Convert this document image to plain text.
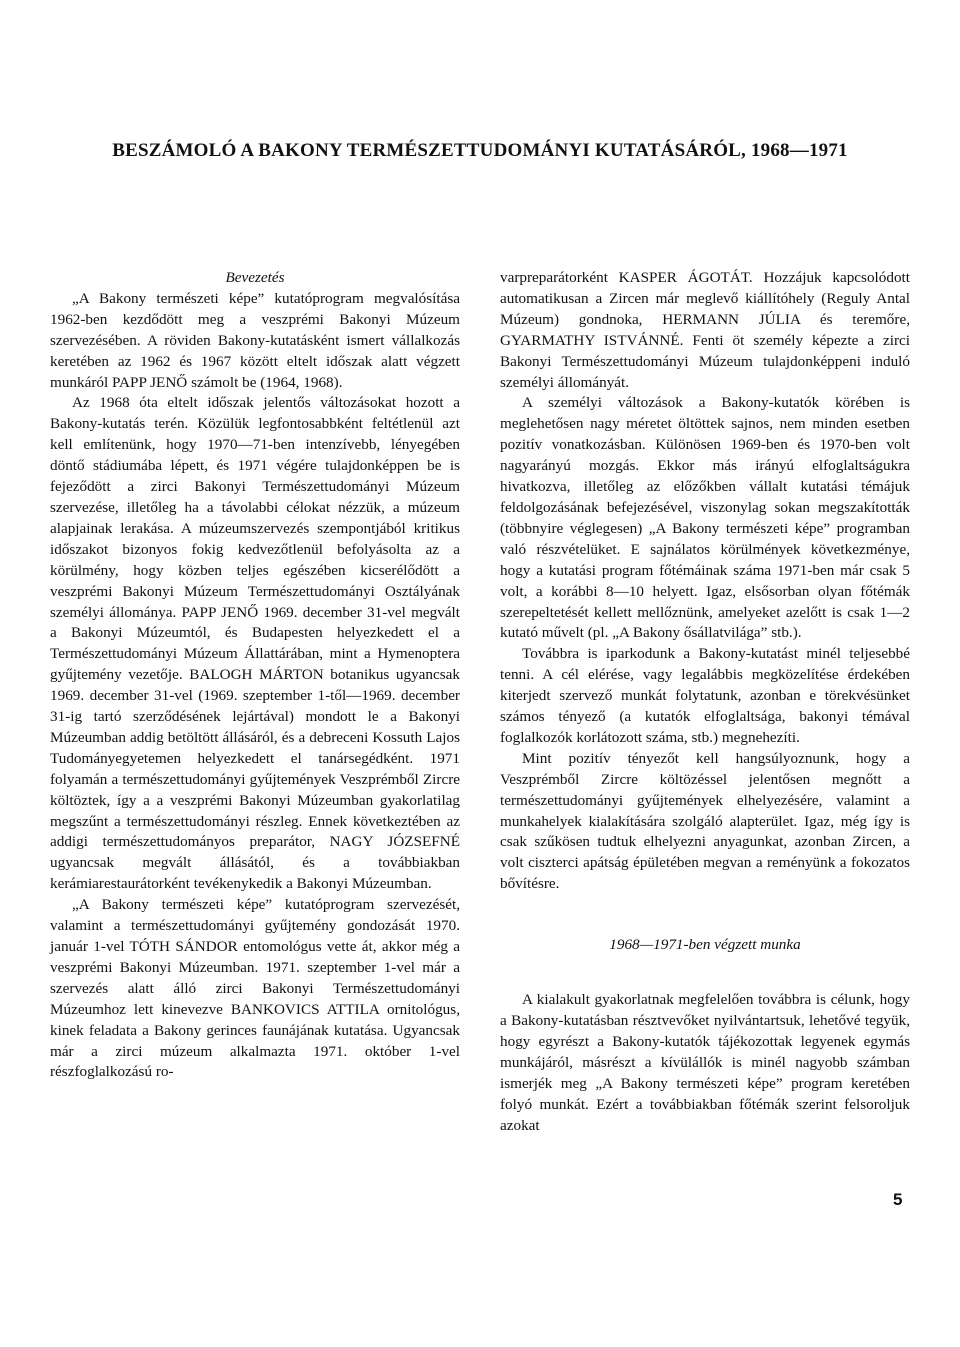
BESZÁMOLÓ A BAKONY TERMÉSZETTUDOMÁNYI KUTATÁSÁRÓL, 1968—1971

Bevezetés

„A Bakony természeti képe” kutatóprogram megvalósítása 1962-ben kezdődött meg a veszprémi Bakonyi Múzeum szervezésében. A röviden Bakony-kutatásként ismert vállalkozás keretében az 1962 és 1967 között eltelt időszak alatt végzett munkáról PAPP JENŐ számolt be (1964, 1968).

Az 1968 óta eltelt időszak jelentős változásokat hozott a Bakony-kutatás terén. Közülük legfontosabbként feltétlenül azt kell említenünk, hogy 1970—71-ben intenzívebb, lényegében döntő stádiumába lépett, és 1971 végére tulajdonképpen be is fejeződött a zirci Bakonyi Természettudományi Múzeum szervezése, illetőleg ha a távolabbi célokat nézzük, a múzeum alapjainak lerakása. A múzeumszervezés szempontjából kritikus időszakot bizonyos fokig kedvezőtlenül befolyásolta az a körülmény, hogy közben teljes egészében kicserélődött a veszprémi Bakonyi Múzeum Természettudományi Osztályának személyi állománya. PAPP JENŐ 1969. december 31-vel megvált a Bakonyi Múzeumtól, és Budapesten helyezkedett el a Természettudományi Múzeum Állattárában, mint a Hymenoptera gyűjtemény vezetője. BALOGH MÁRTON botanikus ugyancsak 1969. december 31-vel (1969. szeptember 1-től—1969. december 31-ig tartó szerződésének lejártával) mondott le a Bakonyi Múzeumban addig betöltött állásáról, és a debreceni Kossuth Lajos Tudományegyetemen helyezkedett el tanársegédként. 1971 folyamán a természettudományi gyűjtemények Veszprémből Zircre költöztek, így a a veszprémi Bakonyi Múzeumban gyakorlatilag megszűnt a természettudományi részleg. Ennek következtében az addigi természettudományos preparátor, NAGY JÓZSEFNÉ ugyancsak megvált állásától, és a továbbiakban kerámiarestaurátorként tevékenykedik a Bakonyi Múzeumban.

„A Bakony természeti képe” kutatóprogram szervezését, valamint a természettudományi gyűjtemény gondozását 1970. január 1-vel TÓTH SÁNDOR entomológus vette át, akkor még a veszprémi Bakonyi Múzeumban. 1971. szeptember 1-vel már a szervezés alatt álló zirci Bakonyi Természettudományi Múzeumhoz lett kinevezve BANKOVICS ATTILA ornitológus, kinek feladata a Bakony gerinces faunájának kutatása. Ugyancsak már a zirci múzeum alkalmazta 1971. október 1-vel részfoglalkozású ro-

varpreparátorként KASPER ÁGOTÁT. Hozzájuk kapcsolódott automatikusan a Zircen már meglevő kiállítóhely (Reguly Antal Múzeum) gondnoka, HERMANN JÚLIA és teremőre, GYARMATHY ISTVÁNNÉ. Fenti öt személy képezte a zirci Bakonyi Természettudományi Múzeum tulajdonképpeni induló személyi állományát.

A személyi változások a Bakony-kutatók körében is meglehetősen nagy méretet öltöttek sajnos, nem minden esetben pozitív vonatkozásban. Különösen 1969-ben és 1970-ben volt nagyarányú mozgás. Ekkor más irányú elfoglaltságukra hivatkozva, illetőleg az előzőkben vállalt kutatási témájuk feldolgozásának befejezésével, viszonylag sokan megszakították (többnyire véglegesen) „A Bakony természeti képe” programban való részvételüket. E sajnálatos körülmények következménye, hogy a kutatási program főtémáinak száma 1971-ben már csak 5 volt, a korábbi 8—10 helyett. Igaz, elsősorban olyan főtémák szerepeltetését kellett mellőznünk, amelyeket azelőtt is csak 1—2 kutató művelt (pl. „A Bakony ősállatvilága” stb.).

Továbbra is iparkodunk a Bakony-kutatást minél teljesebbé tenni. A cél elérése, vagy legalábbis megközelítése érdekében kiterjedt szervező munkát folytatunk, azonban e törekvésünket számos tényező (a kutatók elfoglaltsága, bakonyi témával foglalkozók korlátozott száma, stb.) megnehezíti.

Mint pozitív tényezőt kell hangsúlyoznunk, hogy a Veszprémből Zircre költözéssel jelentősen megnőtt a természettudományi gyűjtemények elhelyezésére, valamint a munkahelyek kialakítására szolgáló alapterület. Igaz, még így is csak szűkösen tudtuk elhelyezni anyagunkat, azonban Zircen, a volt ciszterci apátság épületében megvan a reményünk a fokozatos bővítésre.

1968—1971-ben végzett munka

A kialakult gyakorlatnak megfelelően továbbra is célunk, hogy a Bakony-kutatásban résztvevőket nyilvántartsuk, lehetővé tegyük, hogy egyrészt a Bakony-kutatók tájékozottak legyenek egymás munkájáról, másrészt a kívülállók is minél nagyobb számban ismerjék meg „A Bakony természeti képe” program keretében folyó munkát. Ezért a továbbiakban főtémák szerint felsoroljuk azokat

5
